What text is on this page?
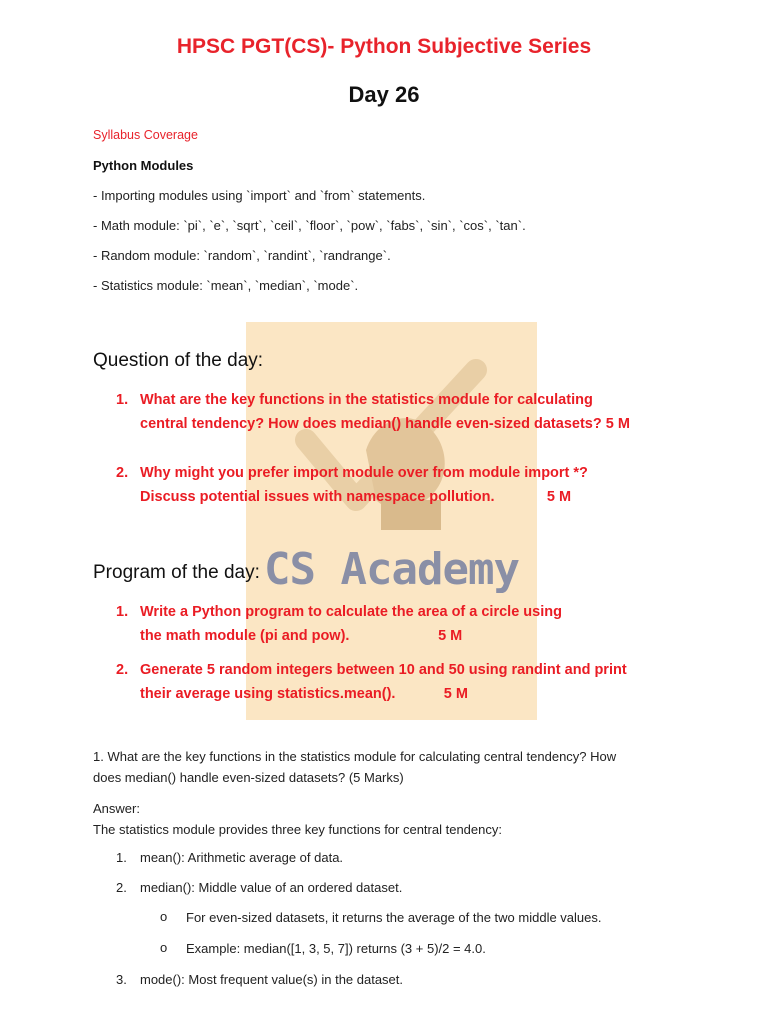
CS Academy
HPSC PGT(CS)- Python Subjective Series
Day 26
Syllabus Coverage
Python Modules
- Importing modules using `import` and `from` statements.
- Math module: `pi`, `e`, `sqrt`, `ceil`, `floor`, `pow`, `fabs`, `sin`, `cos`, `tan`.
- Random module: `random`, `randint`, `randrange`.
- Statistics module: `mean`, `median`, `mode`.
Question of the day:
1. What are the key functions in the statistics module for calculating
central tendency? How does median() handle even-sized datasets? 5 M
2. Why might you prefer import module over from module import *?
Discuss potential issues with namespace pollution.             5 M
Program of the day:
1. Write a Python program to calculate the area of a circle using
the math module (pi and pow).                      5 M
2. Generate 5 random integers between 10 and 50 using randint and print
their average using statistics.mean().            5 M
1. What are the key functions in the statistics module for calculating central tendency? How
does median() handle even-sized datasets? (5 Marks)
Answer:
The statistics module provides three key functions for central tendency:
1. mean(): Arithmetic average of data.
2. median(): Middle value of an ordered dataset.
o For even-sized datasets, it returns the average of the two middle values.
o Example: median([1, 3, 5, 7]) returns (3 + 5)/2 = 4.0.
3. mode(): Most frequent value(s) in the dataset.
